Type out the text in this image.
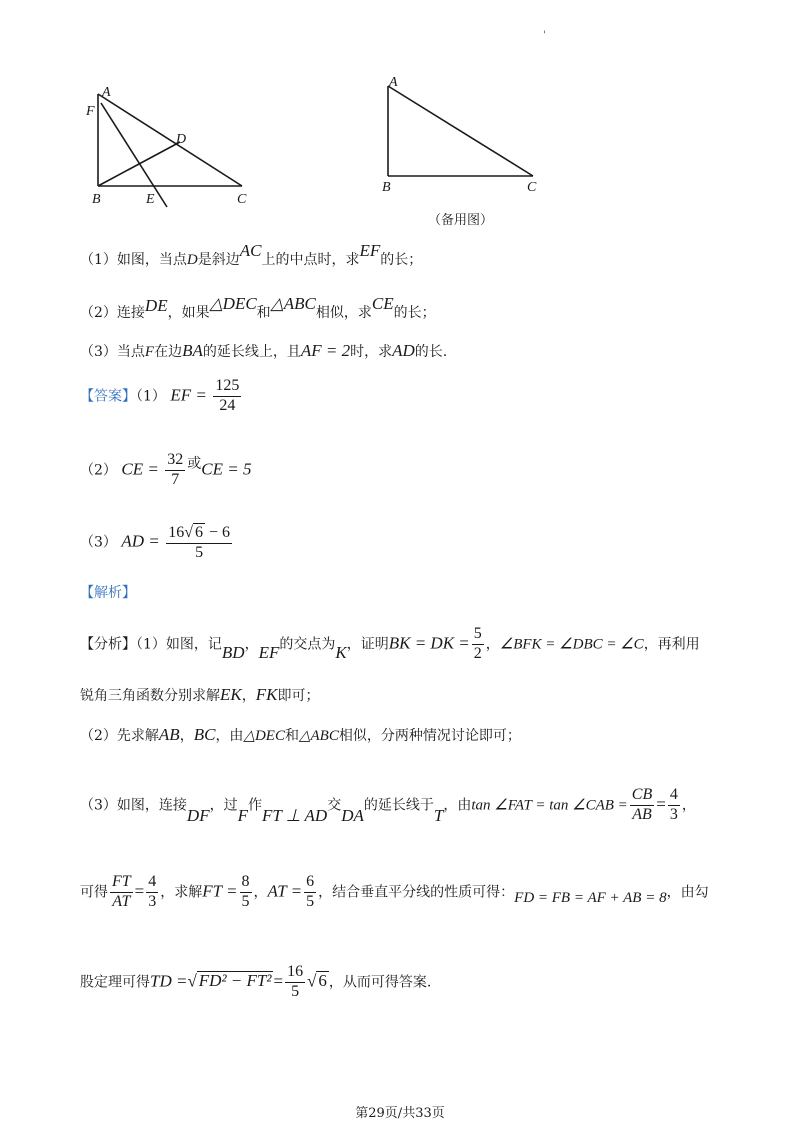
'
A
F
D
B	E	C
A
B	C
（备用图）
（1）如图，当点D是斜边AC上的中点时，求EF的长；
（2）连接DE，如果△DEC和△ABC相似，求CE的长；
（3）当点F在边BA的延长线上，且AF = 2时，求AD的长.
【答案】（1） EF = $\frac{125}{24}$
（2） CE = $\frac{32}{7}$ 或CE = 5
（3） AD = $\frac{16√ 6 - 6}{5}$
【解析】
【分析】（1）如图，记BD，EF的交点为K，证明BK = DK = $\frac{5}{2}$ ，∠BFK = ∠DBC = ∠C，再利用
锐角三角函数分别求解EK，FK即可；
（2）先求解AB，BC，由△DEC和△ABC相似，分两种情况讨论即可；
（3）如图，连接DF，过F作FT ⊥ AD交DA的延长线于T，由tan ∠FAT = tan ∠CAB = $\frac{CB}{AB} = \frac{4}{3}$ ，
可得 $\frac{FT}{AT} = \frac{4}{3}$ ，求解FT = $\frac{8}{5}$ ，AT = $\frac{6}{5}$ ，结合垂直平分线的性质可得：FD = FB = AF + AB = 8，由勾
股定理可得TD =√ $FD^2 - FT^2 = \frac{16}{5}$ √ 6 ，从而可得答案.
第29页/共33页
